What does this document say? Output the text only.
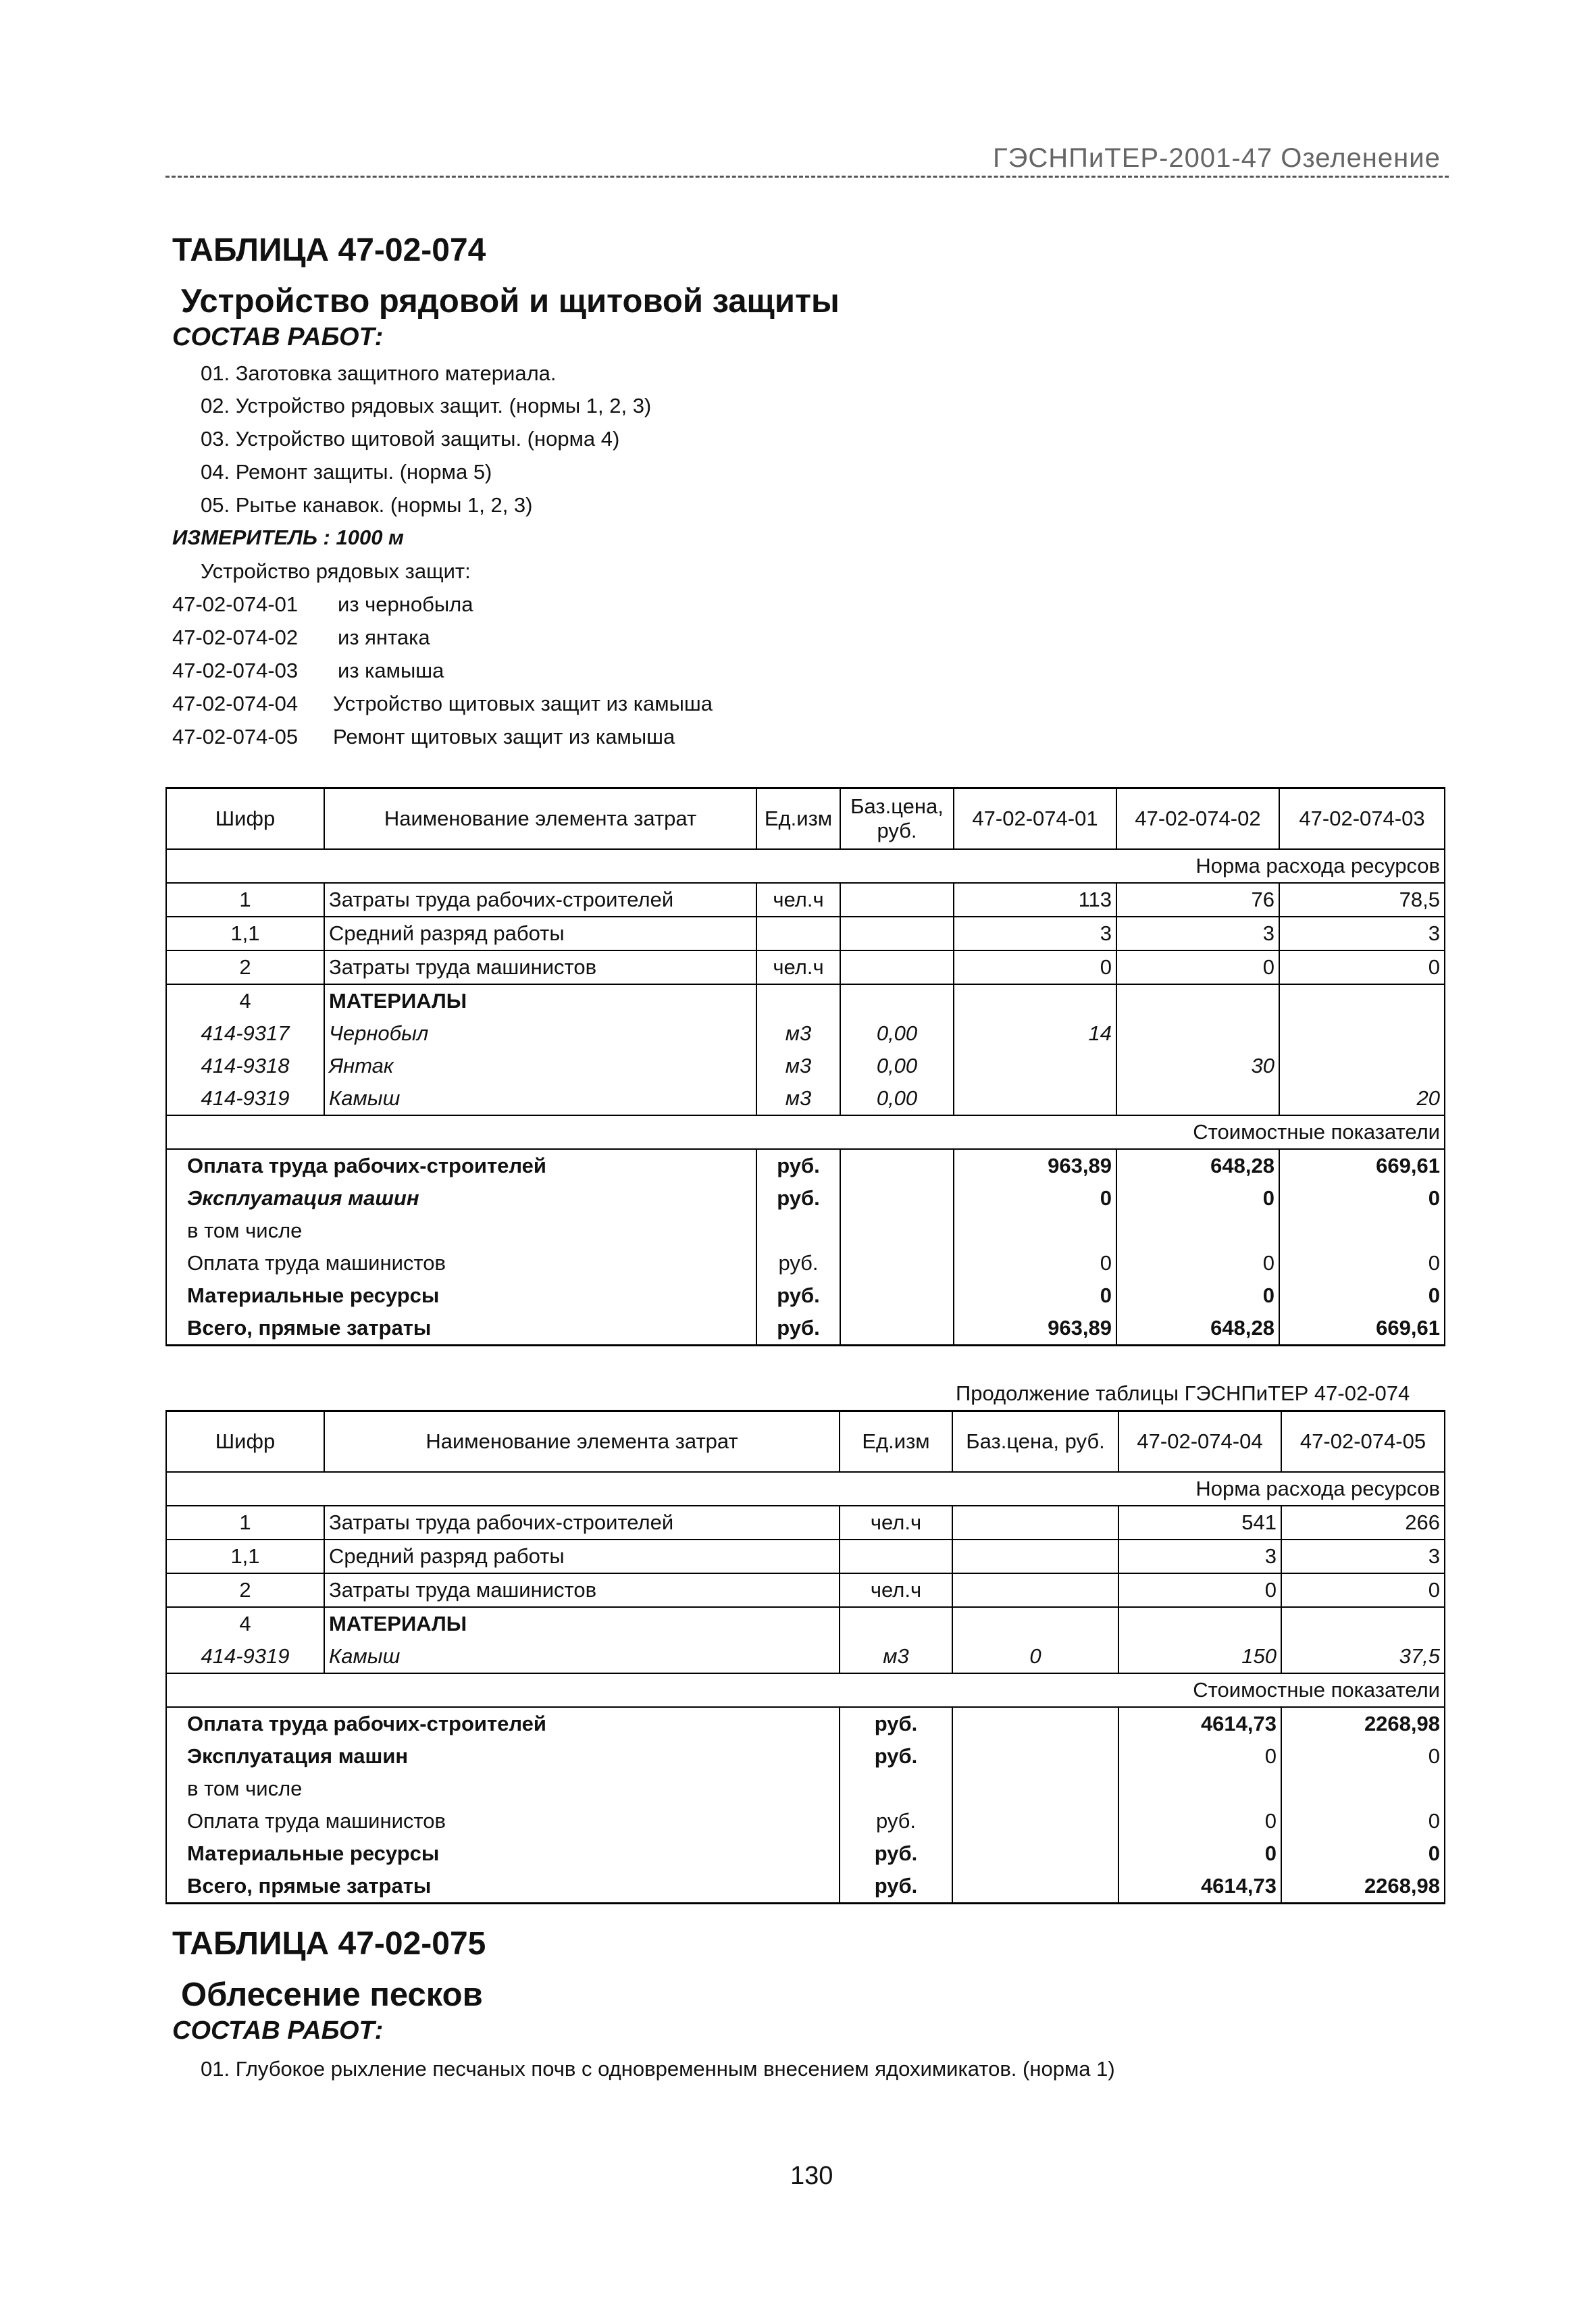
ГЭСНПиТЕР-2001-47 Озеленение
ТАБЛИЦА 47-02-074
Устройство рядовой и щитовой защиты
СОСТАВ РАБОТ:
01. Заготовка защитного материала.
02. Устройство рядовых защит. (нормы 1, 2, 3)
03. Устройство щитовой защиты. (норма 4)
04. Ремонт защиты. (норма 5)
05. Рытье канавок. (нормы 1, 2, 3)
ИЗМЕРИТЕЛЬ : 1000 м
Устройство рядовых защит:
47-02-074-01 из чернобыла
47-02-074-02 из янтака
47-02-074-03 из камыша
47-02-074-04 Устройство щитовых защит из камыша
47-02-074-05 Ремонт щитовых защит из камыша
Шифр	Наименование элемента затрат	Ед.изм	Баз.цена, руб.	47-02-074-01	47-02-074-02	47-02-074-03
Норма расхода ресурсов						
1	Затраты труда рабочих-строителей	чел.ч		113	76	78,5
1,1	Средний разряд работы			3	3	3
2	Затраты труда машинистов	чел.ч		0	0	0
4	МАТЕРИАЛЫ					
414-9317	Чернобыл	м3	0,00	14		
414-9318	Янтак	м3	0,00		30	
414-9319	Камыш	м3	0,00			20
Стоимостные показатели						
Оплата труда рабочих-строителей		руб.		963,89	648,28	669,61
Эксплуатация машин		руб.		0	0	0
в том числе						
Оплата труда машинистов		руб.		0	0	0
Материальные ресурсы		руб.		0	0	0
Всего, прямые затраты		руб.		963,89	648,28	669,61
Продолжение таблицы ГЭСНПиТЕР 47-02-074
Шифр	Наименование элемента затрат	Ед.изм	Баз.цена, руб.	47-02-074-04	47-02-074-05
Норма расхода ресурсов					
1	Затраты труда рабочих-строителей	чел.ч		541	266
1,1	Средний разряд работы			3	3
2	Затраты труда машинистов	чел.ч		0	0
4	МАТЕРИАЛЫ				
414-9319	Камыш	м3	0	150	37,5
Стоимостные показатели					
Оплата труда рабочих-строителей		руб.		4614,73	2268,98
Эксплуатация машин		руб.		0	0
в том числе					
Оплата труда машинистов		руб.		0	0
Материальные ресурсы		руб.		0	0
Всего, прямые затраты		руб.		4614,73	2268,98
ТАБЛИЦА 47-02-075
Облесение песков
СОСТАВ РАБОТ:
01. Глубокое рыхление песчаных почв с одновременным внесением ядохимикатов. (норма 1)
130
